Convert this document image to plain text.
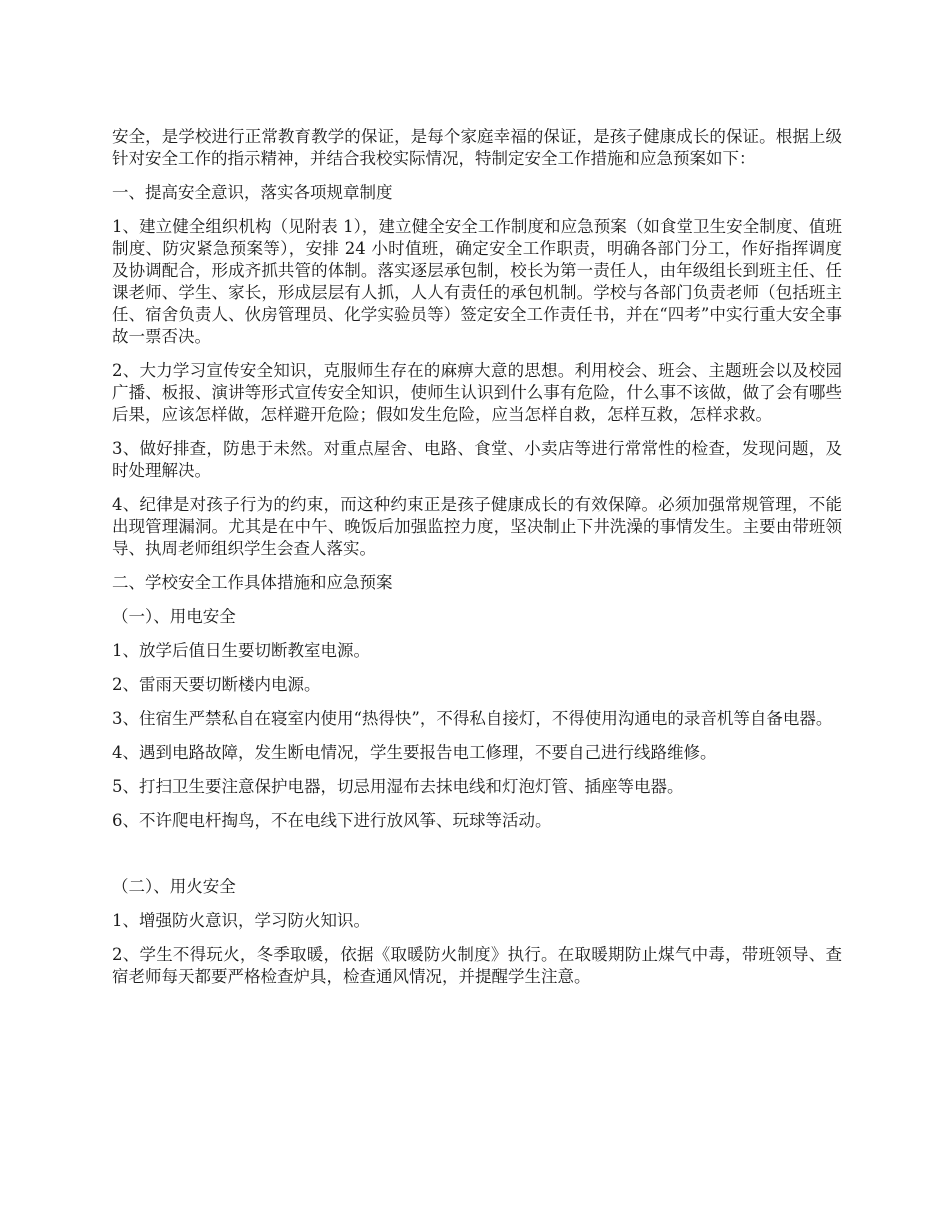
安全，是学校进行正常教育教学的保证，是每个家庭幸福的保证，是孩子健康成长的保证。根据上级针对安全工作的指示精神，并结合我校实际情况，特制定安全工作措施和应急预案如下：

一、提高安全意识，落实各项规章制度

1、建立健全组织机构（见附表 1），建立健全安全工作制度和应急预案（如食堂卫生安全制度、值班制度、防灾紧急预案等），安排 24 小时值班，确定安全工作职责，明确各部门分工，作好指挥调度及协调配合，形成齐抓共管的体制。落实逐层承包制，校长为第一责任人，由年级组长到班主任、任课老师、学生、家长，形成层层有人抓，人人有责任的承包机制。学校与各部门负责老师（包括班主任、宿舍负责人、伙房管理员、化学实验员等）签定安全工作责任书，并在“四考”中实行重大安全事故一票否决。

2、大力学习宣传安全知识，克服师生存在的麻痹大意的思想。利用校会、班会、主题班会以及校园广播、板报、演讲等形式宣传安全知识，使师生认识到什么事有危险，什么事不该做，做了会有哪些后果，应该怎样做，怎样避开危险；假如发生危险，应当怎样自救，怎样互救，怎样求救。

3、做好排查，防患于未然。对重点屋舍、电路、食堂、小卖店等进行常常性的检查，发现问题，及时处理解决。

4、纪律是对孩子行为的约束，而这种约束正是孩子健康成长的有效保障。必须加强常规管理，不能出现管理漏洞。尤其是在中午、晚饭后加强监控力度，坚决制止下井洗澡的事情发生。主要由带班领导、执周老师组织学生会查人落实。

二、学校安全工作具体措施和应急预案

（一）、用电安全

1、放学后值日生要切断教室电源。

2、雷雨天要切断楼内电源。

3、住宿生严禁私自在寝室内使用“热得快”，不得私自接灯，不得使用沟通电的录音机等自备电器。

4、遇到电路故障，发生断电情况，学生要报告电工修理，不要自己进行线路维修。

5、打扫卫生要注意保护电器，切忌用湿布去抹电线和灯泡灯管、插座等电器。

6、不许爬电杆掏鸟，不在电线下进行放风筝、玩球等活动。

（二）、用火安全

1、增强防火意识，学习防火知识。

2、学生不得玩火，冬季取暖，依据《取暖防火制度》执行。在取暖期防止煤气中毒，带班领导、查宿老师每天都要严格检查炉具，检查通风情况，并提醒学生注意。
